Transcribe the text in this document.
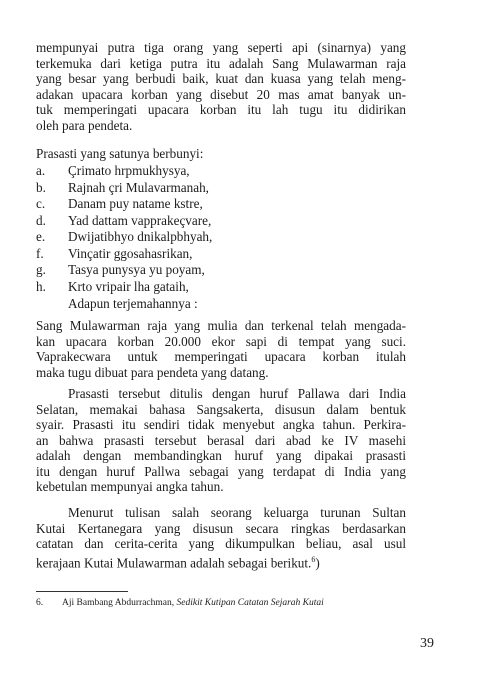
mempunyai putra tiga orang yang seperti api (sinarnya) yang
terkemuka dari ketiga putra itu adalah Sang Mulawarman raja
yang besar yang berbudi baik, kuat dan kuasa yang telah meng-
adakan upacara korban yang disebut 20 mas amat banyak un-
tuk memperingati upacara korban itu lah tugu itu didirikan
oleh para pendeta.
Prasasti yang satunya berbunyi:
a.	Çrimato hrpmukhysya,
b.	Rajnah çri Mulavarmanah,
c.	Danam puy natame kstre,
d.	Yad dattam vapprakeçvare,
e.	Dwijatibhyo dnikalpbhyah,
f.	Vinçatir ggosahasrikan,
g.	Tasya punysya yu poyam,
h.	Krto vripair lha gataih,
Adapun terjemahannya :
Sang Mulawarman raja yang mulia dan terkenal telah mengada-
kan upacara korban 20.000 ekor sapi di tempat yang suci.
Vaprakecwara untuk memperingati upacara korban itulah
maka tugu dibuat para pendeta yang datang.
Prasasti tersebut ditulis dengan huruf Pallawa dari India
Selatan, memakai bahasa Sangsakerta, disusun dalam bentuk
syair. Prasasti itu sendiri tidak menyebut angka tahun. Perkira-
an bahwa prasasti tersebut berasal dari abad ke IV masehi
adalah dengan membandingkan huruf yang dipakai prasasti
itu dengan huruf Pallwa sebagai yang terdapat di India yang
kebetulan mempunyai angka tahun.
Menurut tulisan salah seorang keluarga turunan Sultan
Kutai Kertanegara yang disusun secara ringkas berdasarkan
catatan dan cerita-cerita yang dikumpulkan beliau, asal usul
kerajaan Kutai Mulawarman adalah sebagai berikut.$^6$)
6. Aji Bambang Abdurrachman, Sedikit Kutipan Catatan Sejarah Kutai
39
